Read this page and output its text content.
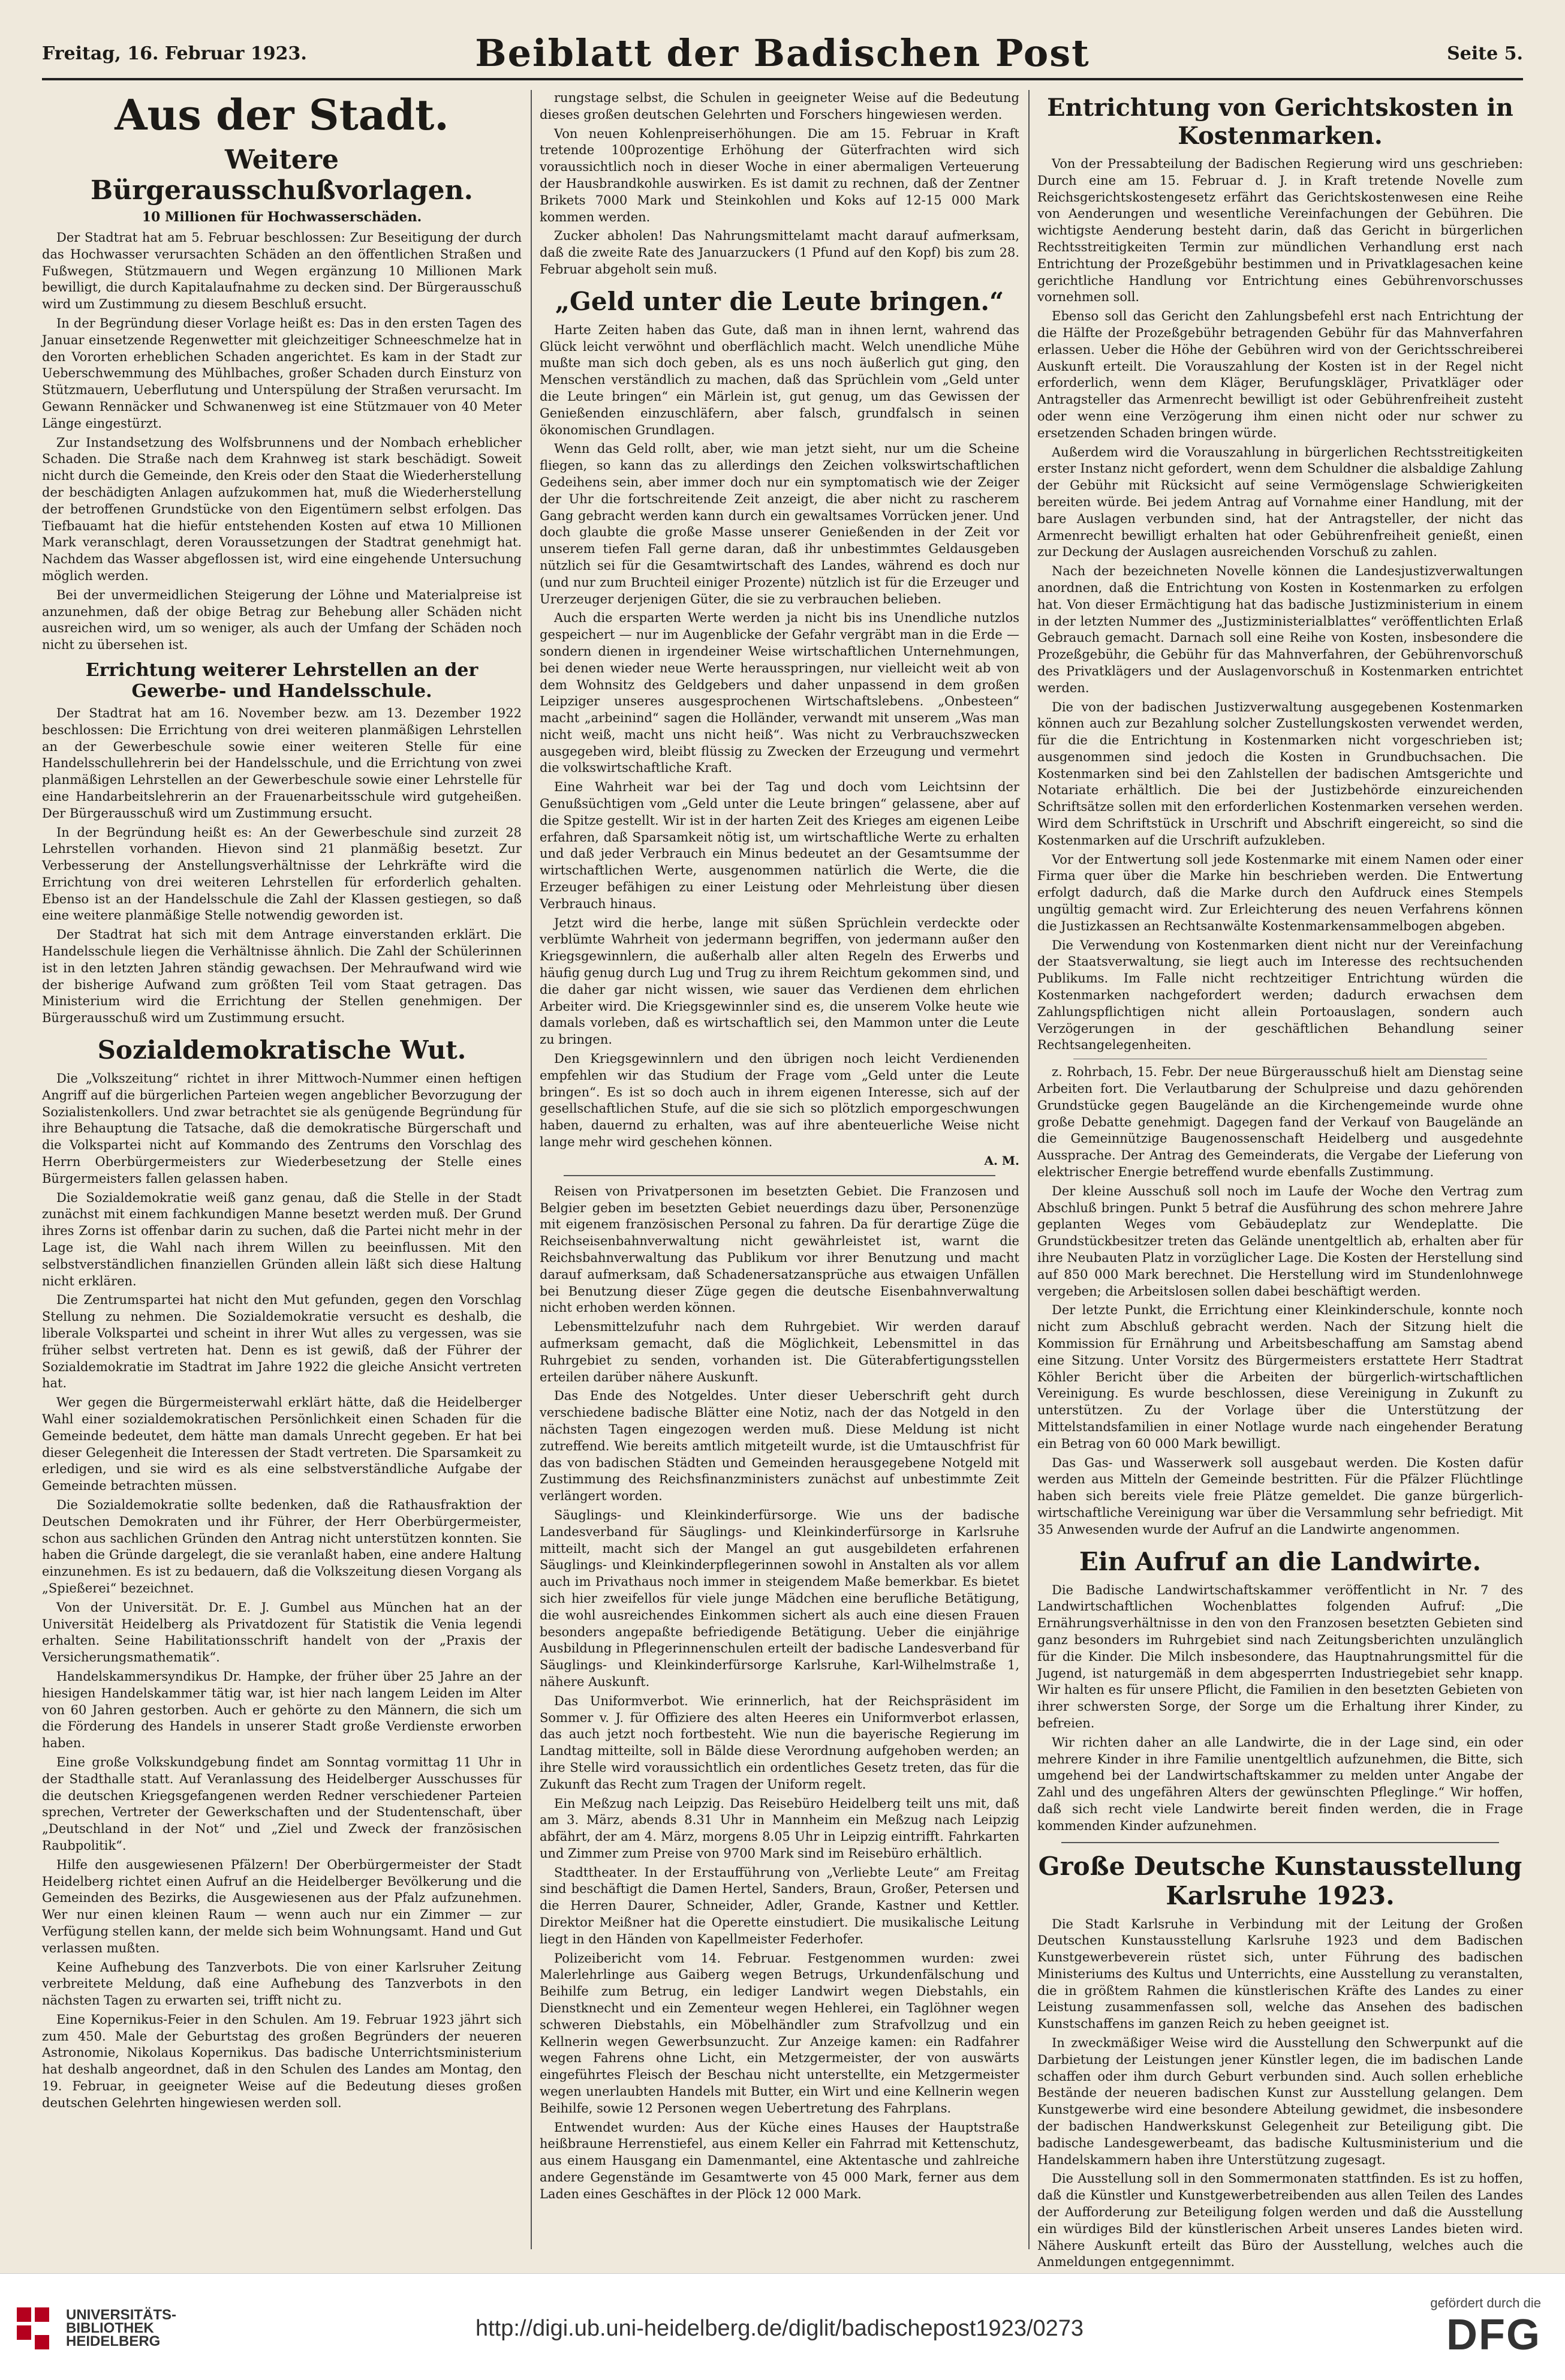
Freitag, 16. Februar 1923.	Beiblatt der Badischen Post	Seite 5.
Aus der Stadt.
Weitere Bürgerausschußvorlagen.
10 Millionen für Hochwasserschäden.

Der Stadtrat hat am 5. Februar beschlossen: Zur Beseitigung der durch das Hochwasser verursachten Schäden an den öffentlichen Straßen und Fußwegen, Stützmauern und Wegen ergänzung 10 Millionen Mark bewilligt, die durch Kapitalaufnahme zu decken sind. Der Bürgerausschuß wird um Zustimmung zu diesem Beschluß ersucht.

In der Begründung dieser Vorlage heißt es: Das in den ersten Tagen des Januar einsetzende Regenwetter mit gleichzeitiger Schneeschmelze hat in den Vororten erheblichen Schaden angerichtet. Es kam in der Stadt zur Ueberschwemmung des Mühlbaches, großer Schaden durch Einsturz von Stützmauern, Ueberflutung und Unterspülung der Straßen verursacht. Im Gewann Rennäcker und Schwanenweg ist eine Stützmauer von 40 Meter Länge eingestürzt.

Zur Instandsetzung des Wolfsbrunnens und der Nombach erheblicher Schaden. Die Straße nach dem Krahnweg ist stark beschädigt. Soweit nicht durch die Gemeinde, den Kreis oder den Staat die Wiederherstellung der beschädigten Anlagen aufzukommen hat, muß die Wiederherstellung der betroffenen Grundstücke von den Eigentümern selbst erfolgen. Das Tiefbauamt hat die hiefür entstehenden Kosten auf etwa 10 Millionen Mark veranschlagt, deren Voraussetzungen der Stadtrat genehmigt hat. Nachdem das Wasser abgeflossen ist, wird eine eingehende Untersuchung möglich werden.

Bei der unvermeidlichen Steigerung der Löhne und Materialpreise ist anzunehmen, daß der obige Betrag zur Behebung aller Schäden nicht ausreichen wird, um so weniger, als auch der Umfang der Schäden noch nicht zu übersehen ist.

Errichtung weiterer Lehrstellen an der Gewerbe- und Handelsschule.

Der Stadtrat hat am 16. November bezw. am 13. Dezember 1922 beschlossen: Die Errichtung von drei weiteren planmäßigen Lehrstellen an der Gewerbeschule sowie einer weiteren Stelle für eine Handelsschullehrerin bei der Handelsschule, und die Errichtung von zwei planmäßigen Lehrstellen an der Gewerbeschule sowie einer Lehrstelle für eine Handarbeitslehrerin an der Frauenarbeitsschule wird gutgeheißen. Der Bürgerausschuß wird um Zustimmung ersucht.

In der Begründung heißt es: An der Gewerbeschule sind zurzeit 28 Lehrstellen vorhanden. Hievon sind 21 planmäßig besetzt. Zur Verbesserung der Anstellungsverhältnisse der Lehrkräfte wird die Errichtung von drei weiteren Lehrstellen für erforderlich gehalten. Ebenso ist an der Handelsschule die Zahl der Klassen gestiegen, so daß eine weitere planmäßige Stelle notwendig geworden ist.

Der Stadtrat hat sich mit dem Antrage einverstanden erklärt. Die Handelsschule liegen die Verhältnisse ähnlich. Die Zahl der Schülerinnen ist in den letzten Jahren ständig gewachsen. Der Mehraufwand wird wie der bisherige Aufwand zum größten Teil vom Staat getragen. Das Ministerium wird die Errichtung der Stellen genehmigen. Der Bürgerausschuß wird um Zustimmung ersucht.

Sozialdemokratische Wut.

Die „Volkszeitung“ richtet in ihrer Mittwoch-Nummer einen heftigen Angriff auf die bürgerlichen Parteien wegen angeblicher Bevorzugung der Sozialistenkollers. Und zwar betrachtet sie als genügende Begründung für ihre Behauptung die Tatsache, daß die demokratische Bürgerschaft und die Volkspartei nicht auf Kommando des Zentrums den Vorschlag des Herrn Oberbürgermeisters zur Wiederbesetzung der Stelle eines Bürgermeisters fallen gelassen haben.

Die Sozialdemokratie weiß ganz genau, daß die Stelle in der Stadt zunächst mit einem fachkundigen Manne besetzt werden muß. Der Grund ihres Zorns ist offenbar darin zu suchen, daß die Partei nicht mehr in der Lage ist, die Wahl nach ihrem Willen zu beeinflussen. Mit den selbstverständlichen finanziellen Gründen allein läßt sich diese Haltung nicht erklären.

Die Zentrumspartei hat nicht den Mut gefunden, gegen den Vorschlag Stellung zu nehmen. Die Sozialdemokratie versucht es deshalb, die liberale Volkspartei und scheint in ihrer Wut alles zu vergessen, was sie früher selbst vertreten hat. Denn es ist gewiß, daß der Führer der Sozialdemokratie im Stadtrat im Jahre 1922 die gleiche Ansicht vertreten hat.

Wer gegen die Bürgermeisterwahl erklärt hätte, daß die Heidelberger Wahl einer sozialdemokratischen Persönlichkeit einen Schaden für die Gemeinde bedeutet, dem hätte man damals Unrecht gegeben. Er hat bei dieser Gelegenheit die Interessen der Stadt vertreten. Die Sparsamkeit zu erledigen, und sie wird es als eine selbstverständliche Aufgabe der Gemeinde betrachten müssen.

Die Sozialdemokratie sollte bedenken, daß die Rathausfraktion der Deutschen Demokraten und ihr Führer, der Herr Oberbürgermeister, schon aus sachlichen Gründen den Antrag nicht unterstützen konnten. Sie haben die Gründe dargelegt, die sie veranlaßt haben, eine andere Haltung einzunehmen. Es ist zu bedauern, daß die Volkszeitung diesen Vorgang als „Spießerei“ bezeichnet.

Von der Universität. Dr. E. J. Gumbel aus München hat an der Universität Heidelberg als Privatdozent für Statistik die Venia legendi erhalten. Seine Habilitationsschrift handelt von der „Praxis der Versicherungsmathematik“.

Handelskammersyndikus Dr. Hampke, der früher über 25 Jahre an der hiesigen Handelskammer tätig war, ist hier nach langem Leiden im Alter von 60 Jahren gestorben. Auch er gehörte zu den Männern, die sich um die Förderung des Handels in unserer Stadt große Verdienste erworben haben.

Eine große Volkskundgebung findet am Sonntag vormittag 11 Uhr in der Stadthalle statt. Auf Veranlassung des Heidelberger Ausschusses für die deutschen Kriegsgefangenen werden Redner verschiedener Parteien sprechen, Vertreter der Gewerkschaften und der Studentenschaft, über „Deutschland in der Not“ und „Ziel und Zweck der französischen Raubpolitik“.

Hilfe den ausgewiesenen Pfälzern! Der Oberbürgermeister der Stadt Heidelberg richtet einen Aufruf an die Heidelberger Bevölkerung und die Gemeinden des Bezirks, die Ausgewiesenen aus der Pfalz aufzunehmen. Wer nur einen kleinen Raum — wenn auch nur ein Zimmer — zur Verfügung stellen kann, der melde sich beim Wohnungsamt. Hand und Gut verlassen mußten.

Keine Aufhebung des Tanzverbots. Die von einer Karlsruher Zeitung verbreitete Meldung, daß eine Aufhebung des Tanzverbots in den nächsten Tagen zu erwarten sei, trifft nicht zu.

Eine Kopernikus-Feier in den Schulen. Am 19. Februar 1923 jährt sich zum 450. Male der Geburtstag des großen Begründers der neueren Astronomie, Nikolaus Kopernikus. Das badische Unterrichtsministerium hat deshalb angeordnet, daß in den Schulen des Landes am Montag, den 19. Februar, in geeigneter Weise auf die Bedeutung dieses großen deutschen Gelehrten hingewiesen werden soll.

rungstage selbst, die Schulen in geeigneter Weise auf die Bedeutung dieses großen deutschen Gelehrten und Forschers hingewiesen werden.

Von neuen Kohlenpreiserhöhungen. Die am 15. Februar in Kraft tretende 100prozentige Erhöhung der Güterfrachten wird sich voraussichtlich noch in dieser Woche in einer abermaligen Verteuerung der Hausbrandkohle auswirken. Es ist damit zu rechnen, daß der Zentner Brikets 7000 Mark und Steinkohlen und Koks auf 12-15 000 Mark kommen werden.

Zucker abholen! Das Nahrungsmittelamt macht darauf aufmerksam, daß die zweite Rate des Januarzuckers (1 Pfund auf den Kopf) bis zum 28. Februar abgeholt sein muß.

„Geld unter die Leute bringen.“

Harte Zeiten haben das Gute, daß man in ihnen lernt, wahrend das Glück leicht verwöhnt und oberflächlich macht. Welch unendliche Mühe mußte man sich doch geben, als es uns noch äußerlich gut ging, den Menschen verständlich zu machen, daß das Sprüchlein vom „Geld unter die Leute bringen“ ein Märlein ist, gut genug, um das Gewissen der Genießenden einzuschläfern, aber falsch, grundfalsch in seinen ökonomischen Grundlagen.

Wenn das Geld rollt, aber, wie man jetzt sieht, nur um die Scheine fliegen, so kann das zu allerdings den Zeichen volkswirtschaftlichen Gedeihens sein, aber immer doch nur ein symptomatisch wie der Zeiger der Uhr die fortschreitende Zeit anzeigt, die aber nicht zu rascherem Gang gebracht werden kann durch ein gewaltsames Vorrücken jener. Und doch glaubte die große Masse unserer Genießenden in der Zeit vor unserem tiefen Fall gerne daran, daß ihr unbestimmtes Geldausgeben nützlich sei für die Gesamtwirtschaft des Landes, während es doch nur (und nur zum Bruchteil einiger Prozente) nützlich ist für die Erzeuger und Urerzeuger derjenigen Güter, die sie zu verbrauchen belieben.

Auch die ersparten Werte werden ja nicht bis ins Unendliche nutzlos gespeichert — nur im Augenblicke der Gefahr vergräbt man in die Erde — sondern dienen in irgendeiner Weise wirtschaftlichen Unternehmungen, bei denen wieder neue Werte herausspringen, nur vielleicht weit ab von dem Wohnsitz des Geldgebers und daher unpassend in dem großen Leipziger unseres ausgesprochenen Wirtschaftslebens. „Onbesteen“ macht „arbeinind“ sagen die Holländer, verwandt mit unserem „Was man nicht weiß, macht uns nicht heiß“. Was nicht zu Verbrauchszwecken ausgegeben wird, bleibt flüssig zu Zwecken der Erzeugung und vermehrt die volkswirtschaftliche Kraft.

Eine Wahrheit war bei der Tag und doch vom Leichtsinn der Genußsüchtigen vom „Geld unter die Leute bringen“ gelassene, aber auf die Spitze gestellt. Wir ist in der harten Zeit des Krieges am eigenen Leibe erfahren, daß Sparsamkeit nötig ist, um wirtschaftliche Werte zu erhalten und daß jeder Verbrauch ein Minus bedeutet an der Gesamtsumme der wirtschaftlichen Werte, ausgenommen natürlich die Werte, die die Erzeuger befähigen zu einer Leistung oder Mehrleistung über diesen Verbrauch hinaus.

Jetzt wird die herbe, lange mit süßen Sprüchlein verdeckte oder verblümte Wahrheit von jedermann begriffen, von jedermann außer den Kriegsgewinnlern, die außerhalb aller alten Regeln des Erwerbs und häufig genug durch Lug und Trug zu ihrem Reichtum gekommen sind, und die daher gar nicht wissen, wie sauer das Verdienen dem ehrlichen Arbeiter wird. Die Kriegsgewinnler sind es, die unserem Volke heute wie damals vorleben, daß es wirtschaftlich sei, den Mammon unter die Leute zu bringen.

Den Kriegsgewinnlern und den übrigen noch leicht Verdienenden empfehlen wir das Studium der Frage vom „Geld unter die Leute bringen“. Es ist so doch auch in ihrem eigenen Interesse, sich auf der gesellschaftlichen Stufe, auf die sie sich so plötzlich emporgeschwungen haben, dauernd zu erhalten, was auf ihre abenteuerliche Weise nicht lange mehr wird geschehen können.

A. M.

Reisen von Privatpersonen im besetzten Gebiet. Die Franzosen und Belgier geben im besetzten Gebiet neuerdings dazu über, Personenzüge mit eigenem französischen Personal zu fahren. Da für derartige Züge die Reichseisenbahnverwaltung nicht gewährleistet ist, warnt die Reichsbahnverwaltung das Publikum vor ihrer Benutzung und macht darauf aufmerksam, daß Schadenersatzansprüche aus etwaigen Unfällen bei Benutzung dieser Züge gegen die deutsche Eisenbahnverwaltung nicht erhoben werden können.

Lebensmittelzufuhr nach dem Ruhrgebiet. Wir werden darauf aufmerksam gemacht, daß die Möglichkeit, Lebensmittel in das Ruhrgebiet zu senden, vorhanden ist. Die Güterabfertigungsstellen erteilen darüber nähere Auskunft.

Das Ende des Notgeldes. Unter dieser Ueberschrift geht durch verschiedene badische Blätter eine Notiz, nach der das Notgeld in den nächsten Tagen eingezogen werden muß. Diese Meldung ist nicht zutreffend. Wie bereits amtlich mitgeteilt wurde, ist die Umtauschfrist für das von badischen Städten und Gemeinden herausgegebene Notgeld mit Zustimmung des Reichsfinanzministers zunächst auf unbestimmte Zeit verlängert worden.

Säuglings- und Kleinkinderfürsorge. Wie uns der badische Landesverband für Säuglings- und Kleinkinderfürsorge in Karlsruhe mitteilt, macht sich der Mangel an gut ausgebildeten erfahrenen Säuglings- und Kleinkinderpflegerinnen sowohl in Anstalten als vor allem auch im Privathaus noch immer in steigendem Maße bemerkbar. Es bietet sich hier zweifellos für viele junge Mädchen eine berufliche Betätigung, die wohl ausreichendes Einkommen sichert als auch eine diesen Frauen besonders angepaßte befriedigende Betätigung. Ueber die einjährige Ausbildung in Pflegerinnenschulen erteilt der badische Landesverband für Säuglings- und Kleinkinderfürsorge Karlsruhe, Karl-Wilhelmstraße 1, nähere Auskunft.

Das Uniformverbot. Wie erinnerlich, hat der Reichspräsident im Sommer v. J. für Offiziere des alten Heeres ein Uniformverbot erlassen, das auch jetzt noch fortbesteht. Wie nun die bayerische Regierung im Landtag mitteilte, soll in Bälde diese Verordnung aufgehoben werden; an ihre Stelle wird voraussichtlich ein ordentliches Gesetz treten, das für die Zukunft das Recht zum Tragen der Uniform regelt.

Ein Meßzug nach Leipzig. Das Reisebüro Heidelberg teilt uns mit, daß am 3. März, abends 8.31 Uhr in Mannheim ein Meßzug nach Leipzig abfährt, der am 4. März, morgens 8.05 Uhr in Leipzig eintrifft. Fahrkarten und Zimmer zum Preise von 9700 Mark sind im Reisebüro erhältlich.

Stadttheater. In der Erstaufführung von „Verliebte Leute“ am Freitag sind beschäftigt die Damen Hertel, Sanders, Braun, Großer, Petersen und die Herren Daurer, Schneider, Adler, Grande, Kastner und Kettler. Direktor Meißner hat die Operette einstudiert. Die musikalische Leitung liegt in den Händen von Kapellmeister Federhofer.

Polizeibericht vom 14. Februar. Festgenommen wurden: zwei Malerlehrlinge aus Gaiberg wegen Betrugs, Urkundenfälschung und Beihilfe zum Betrug, ein lediger Landwirt wegen Diebstahls, ein Dienstknecht und ein Zementeur wegen Hehlerei, ein Taglöhner wegen schweren Diebstahls, ein Möbelhändler zum Strafvollzug und ein Kellnerin wegen Gewerbsunzucht. Zur Anzeige kamen: ein Radfahrer wegen Fahrens ohne Licht, ein Metzgermeister, der von auswärts eingeführtes Fleisch der Beschau nicht unterstellte, ein Metzgermeister wegen unerlaubten Handels mit Butter, ein Wirt und eine Kellnerin wegen Beihilfe, sowie 12 Personen wegen Uebertretung des Fahrplans.

Entwendet wurden: Aus der Küche eines Hauses der Hauptstraße heißbraune Herrenstiefel, aus einem Keller ein Fahrrad mit Kettenschutz, aus einem Hausgang ein Damenmantel, eine Aktentasche und zahlreiche andere Gegenstände im Gesamtwerte von 45 000 Mark, ferner aus dem Laden eines Geschäftes in der Plöck 12 000 Mark.

Entrichtung von Gerichtskosten in Kostenmarken.

Von der Pressabteilung der Badischen Regierung wird uns geschrieben: Durch eine am 15. Februar d. J. in Kraft tretende Novelle zum Reichsgerichtskostengesetz erfährt das Gerichtskostenwesen eine Reihe von Aenderungen und wesentliche Vereinfachungen der Gebühren. Die wichtigste Aenderung besteht darin, daß das Gericht in bürgerlichen Rechtsstreitigkeiten Termin zur mündlichen Verhandlung erst nach Entrichtung der Prozeßgebühr bestimmen und in Privatklagesachen keine gerichtliche Handlung vor Entrichtung eines Gebührenvorschusses vornehmen soll.

Ebenso soll das Gericht den Zahlungsbefehl erst nach Entrichtung der die Hälfte der Prozeßgebühr betragenden Gebühr für das Mahnverfahren erlassen. Ueber die Höhe der Gebühren wird von der Gerichtsschreiberei Auskunft erteilt. Die Vorauszahlung der Kosten ist in der Regel nicht erforderlich, wenn dem Kläger, Berufungskläger, Privatkläger oder Antragsteller das Armenrecht bewilligt ist oder Gebührenfreiheit zusteht oder wenn eine Verzögerung ihm einen nicht oder nur schwer zu ersetzenden Schaden bringen würde.

Außerdem wird die Vorauszahlung in bürgerlichen Rechtsstreitigkeiten erster Instanz nicht gefordert, wenn dem Schuldner die alsbaldige Zahlung der Gebühr mit Rücksicht auf seine Vermögenslage Schwierigkeiten bereiten würde. Bei jedem Antrag auf Vornahme einer Handlung, mit der bare Auslagen verbunden sind, hat der Antragsteller, der nicht das Armenrecht bewilligt erhalten hat oder Gebührenfreiheit genießt, einen zur Deckung der Auslagen ausreichenden Vorschuß zu zahlen.

Nach der bezeichneten Novelle können die Landesjustizverwaltungen anordnen, daß die Entrichtung von Kosten in Kostenmarken zu erfolgen hat. Von dieser Ermächtigung hat das badische Justizministerium in einem in der letzten Nummer des „Justizministerialblattes“ veröffentlichten Erlaß Gebrauch gemacht. Darnach soll eine Reihe von Kosten, insbesondere die Prozeßgebühr, die Gebühr für das Mahnverfahren, der Gebührenvorschuß des Privatklägers und der Auslagenvorschuß in Kostenmarken entrichtet werden.

Die von der badischen Justizverwaltung ausgegebenen Kostenmarken können auch zur Bezahlung solcher Zustellungskosten verwendet werden, für die die Entrichtung in Kostenmarken nicht vorgeschrieben ist; ausgenommen sind jedoch die Kosten in Grundbuchsachen. Die Kostenmarken sind bei den Zahlstellen der badischen Amtsgerichte und Notariate erhältlich. Die bei der Justizbehörde einzureichenden Schriftsätze sollen mit den erforderlichen Kostenmarken versehen werden. Wird dem Schriftstück in Urschrift und Abschrift eingereicht, so sind die Kostenmarken auf die Urschrift aufzukleben.

Vor der Entwertung soll jede Kostenmarke mit einem Namen oder einer Firma quer über die Marke hin beschrieben werden. Die Entwertung erfolgt dadurch, daß die Marke durch den Aufdruck eines Stempels ungültig gemacht wird. Zur Erleichterung des neuen Verfahrens können die Justizkassen an Rechtsanwälte Kostenmarkensammelbogen abgeben.

Die Verwendung von Kostenmarken dient nicht nur der Vereinfachung der Staatsverwaltung, sie liegt auch im Interesse des rechtsuchenden Publikums. Im Falle nicht rechtzeitiger Entrichtung würden die Kostenmarken nachgefordert werden; dadurch erwachsen dem Zahlungspflichtigen nicht allein Portoauslagen, sondern auch Verzögerungen in der geschäftlichen Behandlung seiner Rechtsangelegenheiten.

z. Rohrbach, 15. Febr. Der neue Bürgerausschuß hielt am Dienstag seine Arbeiten fort. Die Verlautbarung der Schulpreise und dazu gehörenden Grundstücke gegen Baugelände an die Kirchengemeinde wurde ohne große Debatte genehmigt. Dagegen fand der Verkauf von Baugelände an die Gemeinnützige Baugenossenschaft Heidelberg und ausgedehnte Aussprache. Der Antrag des Gemeinderats, die Vergabe der Lieferung von elektrischer Energie betreffend wurde ebenfalls Zustimmung.

Der kleine Ausschuß soll noch im Laufe der Woche den Vertrag zum Abschluß bringen. Punkt 5 betraf die Ausführung des schon mehrere Jahre geplanten Weges vom Gebäudeplatz zur Wendeplatte. Die Grundstückbesitzer treten das Gelände unentgeltlich ab, erhalten aber für ihre Neubauten Platz in vorzüglicher Lage. Die Kosten der Herstellung sind auf 850 000 Mark berechnet. Die Herstellung wird im Stundenlohnwege vergeben; die Arbeitslosen sollen dabei beschäftigt werden.

Der letzte Punkt, die Errichtung einer Kleinkinderschule, konnte noch nicht zum Abschluß gebracht werden. Nach der Sitzung hielt die Kommission für Ernährung und Arbeitsbeschaffung am Samstag abend eine Sitzung. Unter Vorsitz des Bürgermeisters erstattete Herr Stadtrat Köhler Bericht über die Arbeiten der bürgerlich-wirtschaftlichen Vereinigung. Es wurde beschlossen, diese Vereinigung in Zukunft zu unterstützen. Zu der Vorlage über die Unterstützung der Mittelstandsfamilien in einer Notlage wurde nach eingehender Beratung ein Betrag von 60 000 Mark bewilligt.

Das Gas- und Wasserwerk soll ausgebaut werden. Die Kosten dafür werden aus Mitteln der Gemeinde bestritten. Für die Pfälzer Flüchtlinge haben sich bereits viele freie Plätze gemeldet. Die ganze bürgerlich-wirtschaftliche Vereinigung war über die Versammlung sehr befriedigt. Mit 35 Anwesenden wurde der Aufruf an die Landwirte angenommen.

Ein Aufruf an die Landwirte.

Die Badische Landwirtschaftskammer veröffentlicht in Nr. 7 des Landwirtschaftlichen Wochenblattes folgenden Aufruf: „Die Ernährungsverhältnisse in den von den Franzosen besetzten Gebieten sind ganz besonders im Ruhrgebiet sind nach Zeitungsberichten unzulänglich für die Kinder. Die Milch insbesondere, das Hauptnahrungsmittel für die Jugend, ist naturgemäß in dem abgesperrten Industriegebiet sehr knapp. Wir halten es für unsere Pflicht, die Familien in den besetzten Gebieten von ihrer schwersten Sorge, der Sorge um die Erhaltung ihrer Kinder, zu befreien.

Wir richten daher an alle Landwirte, die in der Lage sind, ein oder mehrere Kinder in ihre Familie unentgeltlich aufzunehmen, die Bitte, sich umgehend bei der Landwirtschaftskammer zu melden unter Angabe der Zahl und des ungefähren Alters der gewünschten Pfleglinge.“ Wir hoffen, daß sich recht viele Landwirte bereit finden werden, die in Frage kommenden Kinder aufzunehmen.

Große Deutsche Kunstausstellung Karlsruhe 1923.

Die Stadt Karlsruhe in Verbindung mit der Leitung der Großen Deutschen Kunstausstellung Karlsruhe 1923 und dem Badischen Kunstgewerbeverein rüstet sich, unter Führung des badischen Ministeriums des Kultus und Unterrichts, eine Ausstellung zu veranstalten, die in größtem Rahmen die künstlerischen Kräfte des Landes zu einer Leistung zusammenfassen soll, welche das Ansehen des badischen Kunstschaffens im ganzen Reich zu heben geeignet ist.

In zweckmäßiger Weise wird die Ausstellung den Schwerpunkt auf die Darbietung der Leistungen jener Künstler legen, die im badischen Lande schaffen oder ihm durch Geburt verbunden sind. Auch sollen erhebliche Bestände der neueren badischen Kunst zur Ausstellung gelangen. Dem Kunstgewerbe wird eine besondere Abteilung gewidmet, die insbesondere der badischen Handwerkskunst Gelegenheit zur Beteiligung gibt. Die badische Landesgewerbeamt, das badische Kultusministerium und die Handelskammern haben ihre Unterstützung zugesagt.

Die Ausstellung soll in den Sommermonaten stattfinden. Es ist zu hoffen, daß die Künstler und Kunstgewerbetreibenden aus allen Teilen des Landes der Aufforderung zur Beteiligung folgen werden und daß die Ausstellung ein würdiges Bild der künstlerischen Arbeit unseres Landes bieten wird. Nähere Auskunft erteilt das Büro der Ausstellung, welches auch die Anmeldungen entgegennimmt.

UNIVERSITÄTS-
BIBLIOTHEK
HEIDELBERG
http://digi.ub.uni-heidelberg.de/diglit/badischepost1923/0273
gefördert durch die
DFG
